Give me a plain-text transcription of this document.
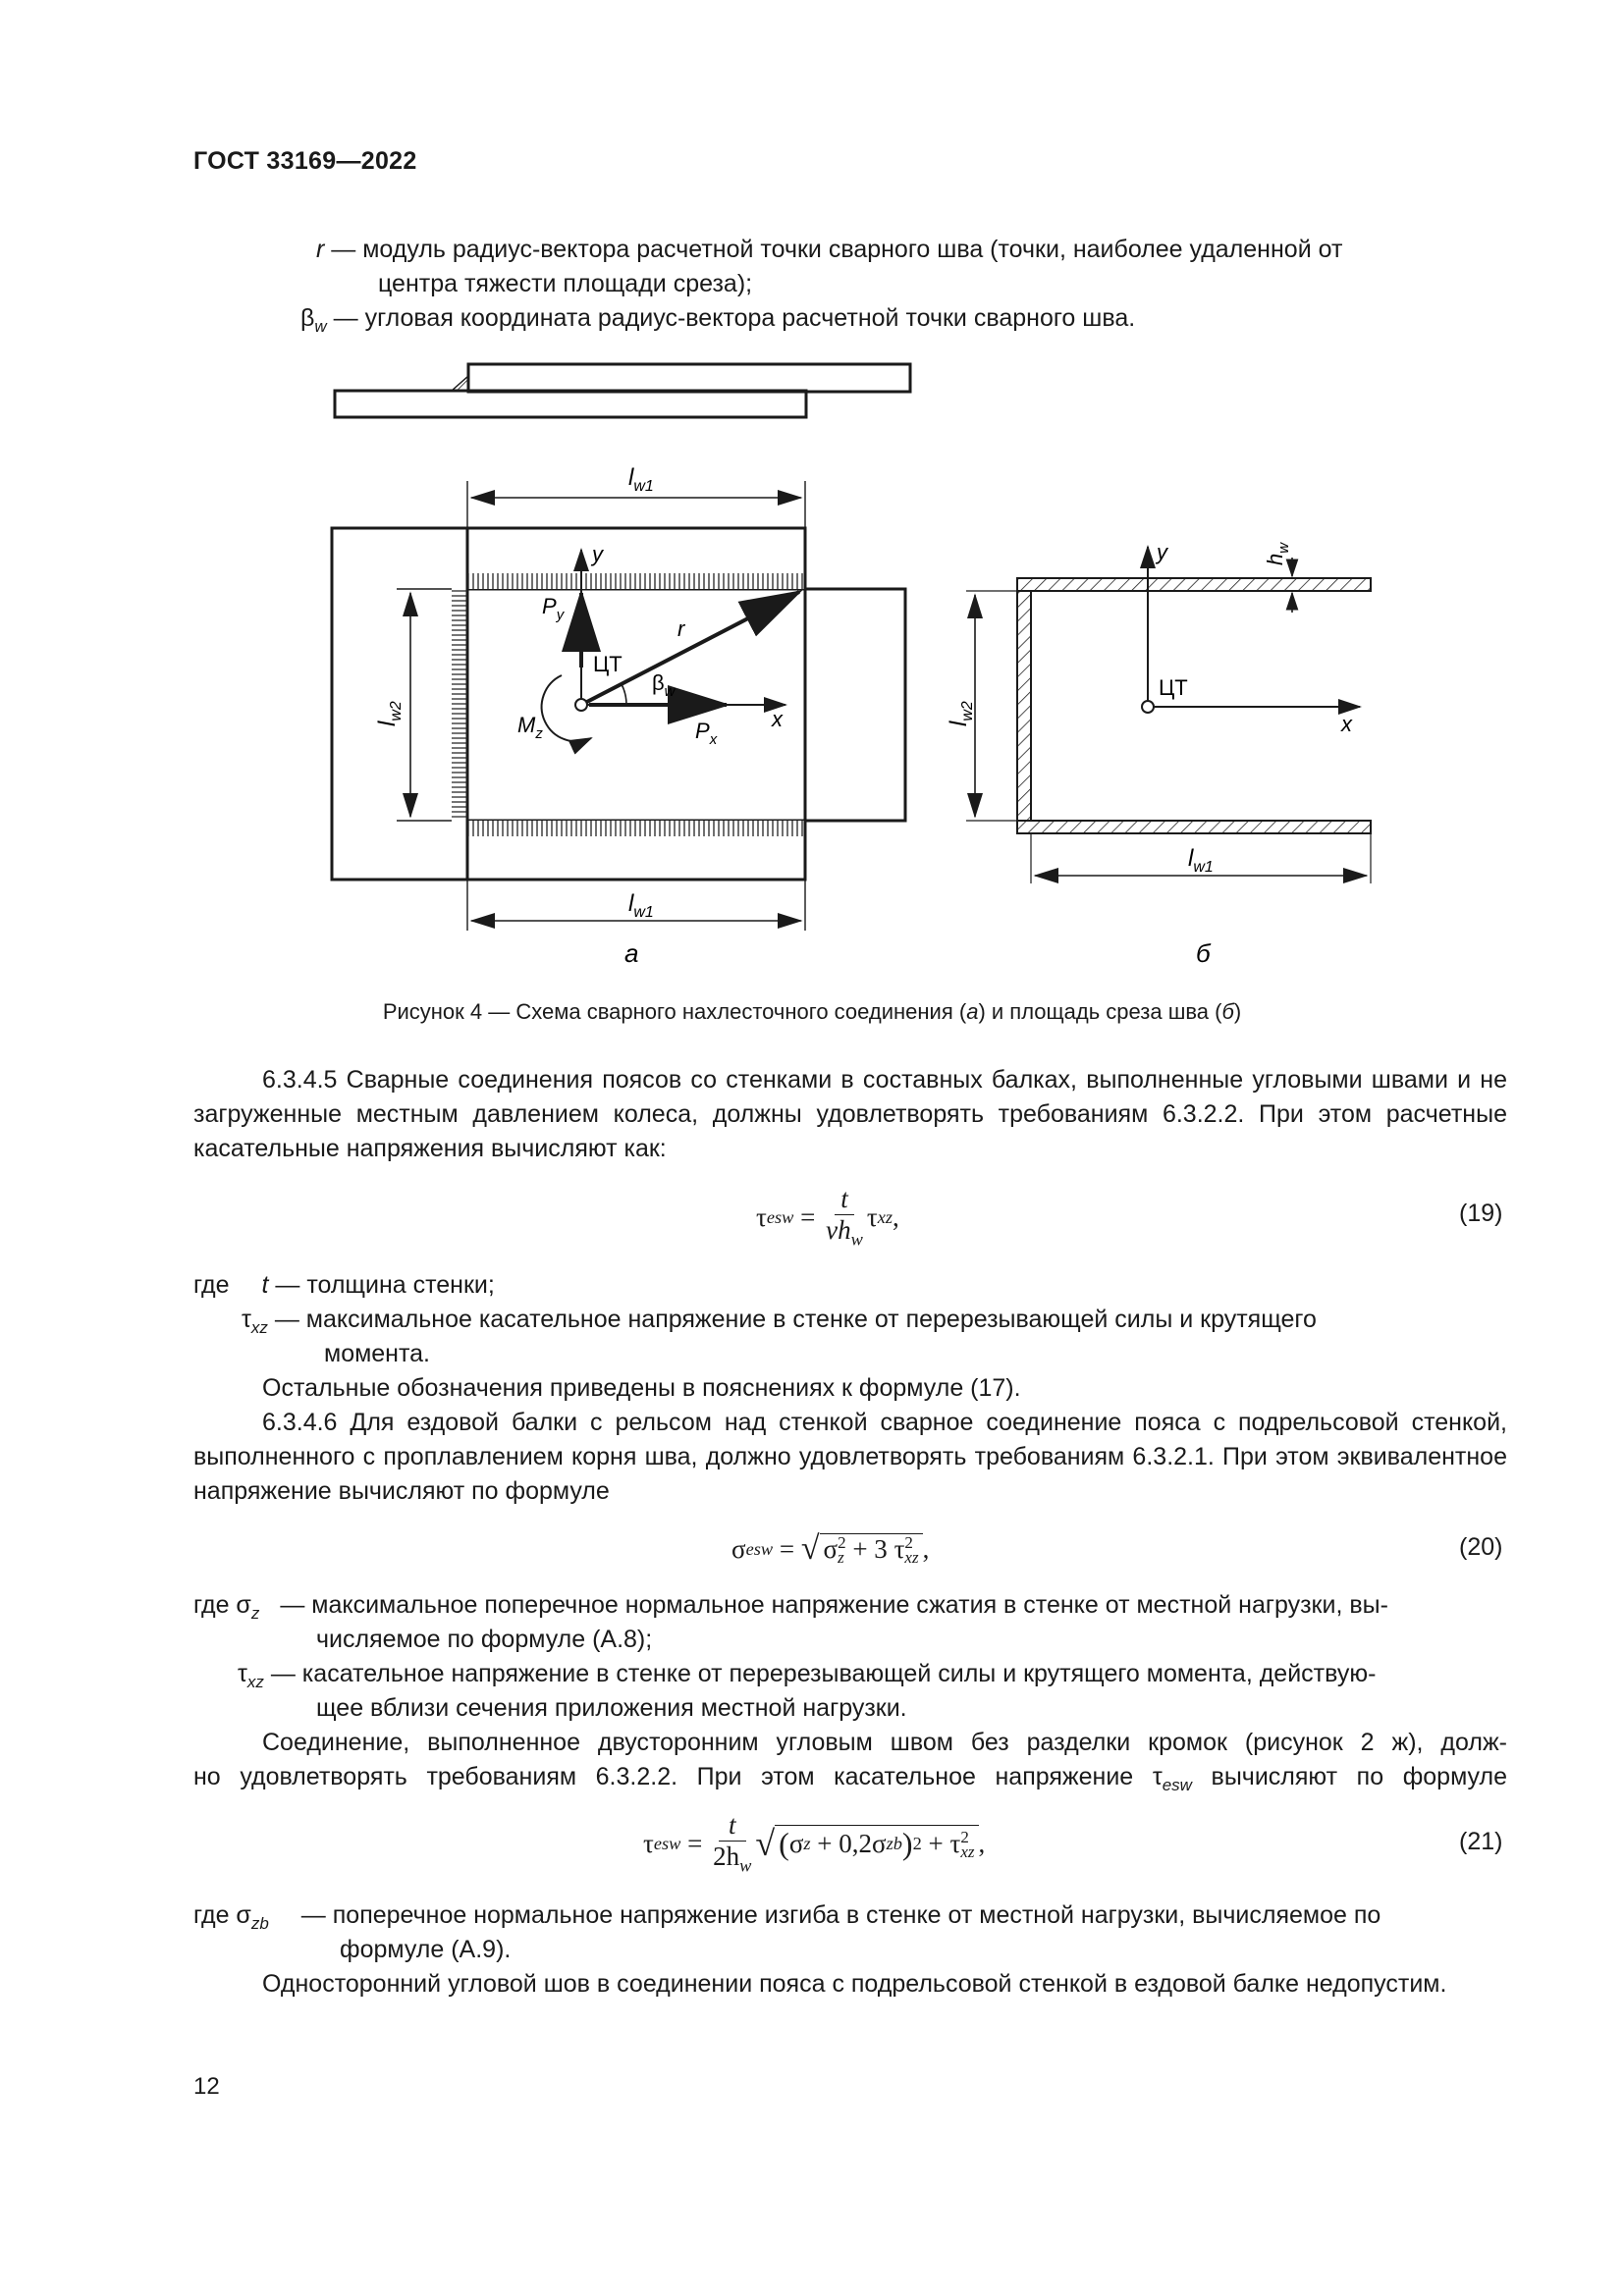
ГОСТ 33169—2022
r — модуль радиус-вектора расчетной точки сварного шва (точки, наиболее удаленной от
центра тяжести площади среза);
$\beta_w$ — угловая координата радиус-вектора расчетной точки сварного шва.
$l_{w1}$
$l_{w1}$
$l_{w2}$
y
x
$P_y$
$P_x$
r
ЦТ
$\beta_w$
$M_z$
а
$h_w$
$l_{w2}$
$l_{w1}$
y
x
ЦТ
б
Рисунок 4 — Схема сварного нахлесточного соединения (а) и площадь среза шва (б)
6.3.4.5 Сварные соединения поясов со стенками в составных балках, выполненные угловыми швами и не загруженные местным давлением колеса, должны удовлетворять требованиям 6.3.2.2. При этом расчетные касательные напряжения вычисляют как:
τ esw =
t
$\nu h_w$
τ xz ,	(19)
где t — толщина стенки;
$\tau_{xz}$ — максимальное касательное напряжение в стенке от перерезывающей силы и крутящего
момента.
Остальные обозначения приведены в пояснениях к формуле (17).
6.3.4.6 Для ездовой балки с рельсом над стенкой сварное соединение пояса с подрельсовой стенкой, выполненного с проплавлением корня шва, должно удовлетворять требованиям 6.3.2.1. При этом эквивалентное напряжение вычисляют по формуле
σ esw = √ σ 2
z + 3 τ 2
xz ,	(20)
где $\sigma_z$ — максимальное поперечное нормальное напряжение сжатия в стенке от местной нагрузки, вы-
числяемое по формуле (А.8);
$\tau_{xz}$ — касательное напряжение в стенке от перерезывающей силы и крутящего момента, действую-
щее вблизи сечения приложения местной нагрузки.
Соединение, выполненное двусторонним угловым швом без разделки кромок (рисунок 2 ж), долж-
но удовлетворять требованиям 6.3.2.2. При этом касательное напряжение $\tau_{esw}$ вычисляют по формуле
τ esw = $\frac{t}{2h_w}$ √ ( σ z + 0,2 σ zb ) 2 + τ 2
xz ,	(21)
где $\sigma_{zb}$ — поперечное нормальное напряжение изгиба в стенке от местной нагрузки, вычисляемое по
формуле (А.9).
Односторонний угловой шов в соединении пояса с подрельсовой стенкой в ездовой балке недопустим.
12
